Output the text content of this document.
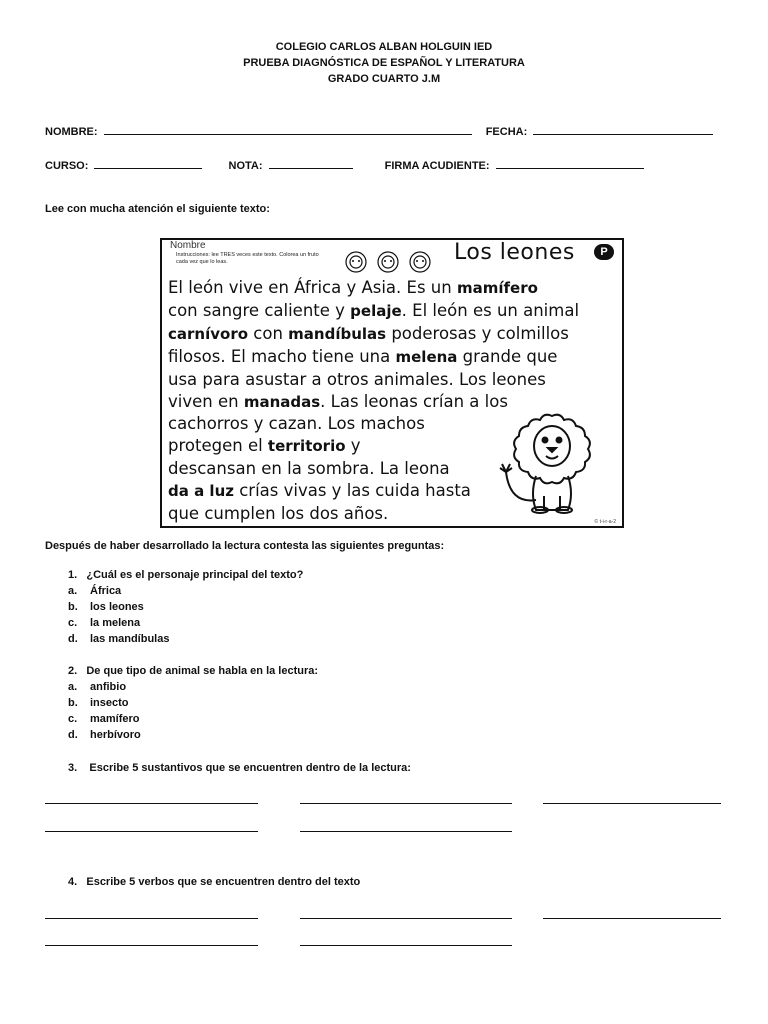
COLEGIO CARLOS ALBAN HOLGUIN IED
PRUEBA DIAGNÓSTICA DE ESPAÑOL Y LITERATURA
GRADO CUARTO J.M
NOMBRE:	FECHA:
CURSO:	NOTA:	FIRMA ACUDIENTE:
Lee con mucha atención el siguiente texto:
Nombre
Instrucciones: lee TRES veces este texto. Colorea un fruto cada vez que lo leas.	Los leones	P
El león vive en África y Asia. Es un mamífero
con sangre caliente y pelaje. El león es un animal
carnívoro con mandíbulas poderosas y colmillos
filosos. El macho tiene una melena grande que
usa para asustar a otros animales. Los leones
viven en manadas. Las leonas crían a los
cachorros y cazan. Los machos
protegen el territorio y
descansan en la sombra. La leona
da a luz crías vivas y las cuida hasta
que cumplen los dos años.	© t-i-r-a-2
Después de haber desarrollado la lectura contesta las siguientes preguntas:
1. ¿Cuál es el personaje principal del texto?
a. África
b. los leones
c. la melena
d. las mandíbulas
2. De que tipo de animal se habla en la lectura:
a. anfibio
b. insecto
c. mamífero
d. herbívoro
3.    Escribe 5 sustantivos que se encuentren dentro de la lectura:
4. Escribe 5 verbos que se encuentren dentro del texto
